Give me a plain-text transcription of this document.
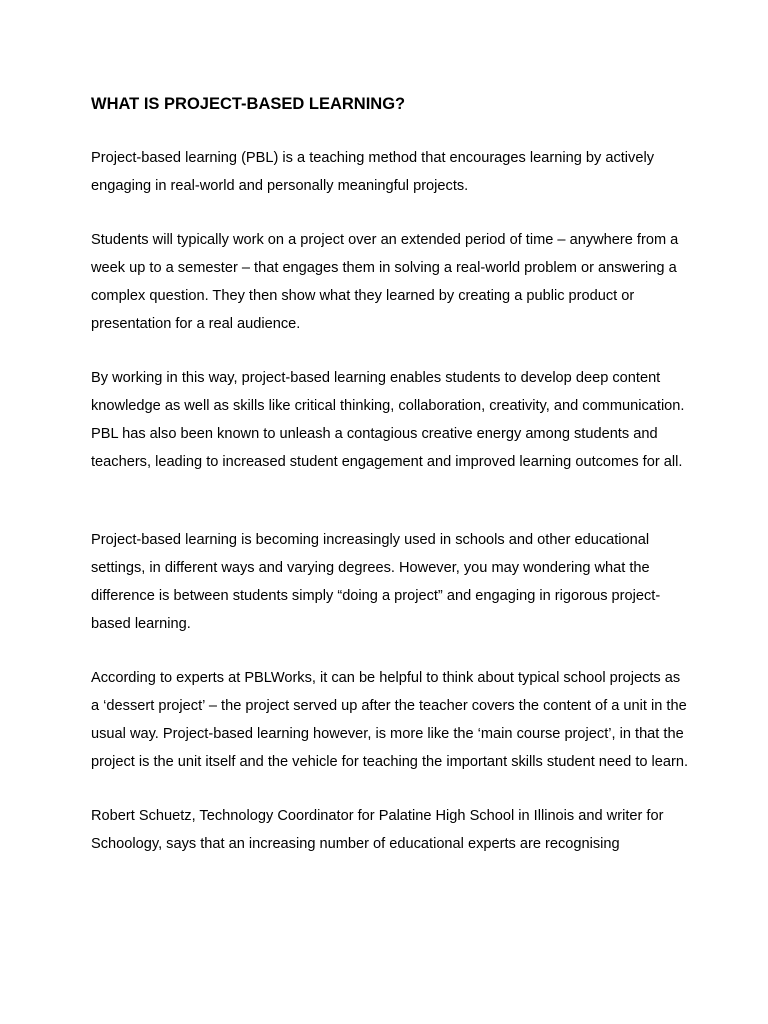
WHAT IS PROJECT-BASED LEARNING?

Project-based learning (PBL) is a teaching method that encourages learning by actively engaging in real-world and personally meaningful projects.

Students will typically work on a project over an extended period of time – anywhere from a week up to a semester – that engages them in solving a real-world problem or answering a complex question. They then show what they learned by creating a public product or presentation for a real audience.

By working in this way, project-based learning enables students to develop deep content knowledge as well as skills like critical thinking, collaboration, creativity, and communication. PBL has also been known to unleash a contagious creative energy among students and teachers, leading to increased student engagement and improved learning outcomes for all.

Project-based learning is becoming increasingly used in schools and other educational settings, in different ways and varying degrees. However, you may wondering what the difference is between students simply “doing a project” and engaging in rigorous project-based learning.

According to experts at PBLWorks, it can be helpful to think about typical school projects as a ‘dessert project’ – the project served up after the teacher covers the content of a unit in the usual way. Project-based learning however, is more like the ‘main course project’, in that the project is the unit itself and the vehicle for teaching the important skills student need to learn.

Robert Schuetz, Technology Coordinator for Palatine High School in Illinois and writer for Schoology, says that an increasing number of educational experts are recognising
